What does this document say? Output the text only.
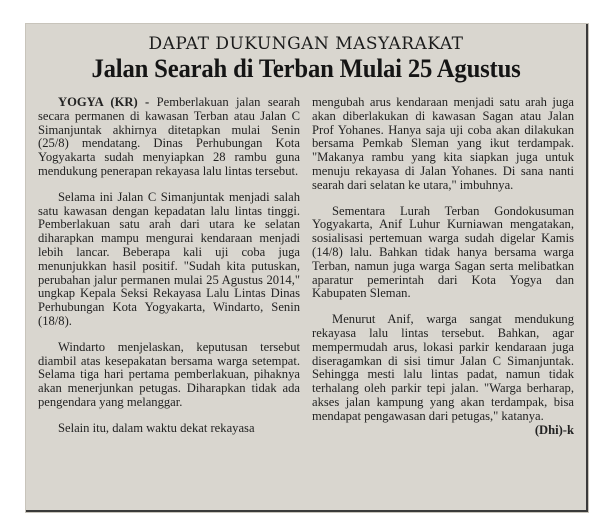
DAPAT DUKUNGAN MASYARAKAT
Jalan Searah di Terban Mulai 25 Agustus

YOGYA (KR) - Pemberlakuan jalan searah secara permanen di kawasan Terban atau Jalan C Simanjuntak akhirnya ditetapkan mulai Senin (25/8) mendatang. Dinas Perhubungan Kota Yogyakarta sudah menyiapkan 28 rambu guna mendukung penerapan rekayasa lalu lintas tersebut.

Selama ini Jalan C Simanjuntak menjadi salah satu kawasan dengan kepadatan lalu lintas tinggi. Pemberlakuan satu arah dari utara ke selatan diharapkan mampu mengurai kendaraan menjadi lebih lancar. Beberapa kali uji coba juga menunjukkan hasil positif. "Sudah kita putuskan, perubahan jalur permanen mulai 25 Agustus 2014," ungkap Kepala Seksi Rekayasa Lalu Lintas Dinas Perhubungan Kota Yogyakarta, Windarto, Senin (18/8).

Windarto menjelaskan, keputusan tersebut diambil atas kesepakatan bersama warga setempat. Selama tiga hari pertama pemberlakuan, pihaknya akan menerjunkan petugas. Diharapkan tidak ada pengendara yang melanggar.

Selain itu, dalam waktu dekat rekayasa

mengubah arus kendaraan menjadi satu arah juga akan diberlakukan di kawasan Sagan atau Jalan Prof Yohanes. Hanya saja uji coba akan dilakukan bersama Pemkab Sleman yang ikut terdampak. "Makanya rambu yang kita siapkan juga untuk menuju rekayasa di Jalan Yohanes. Di sana nanti searah dari selatan ke utara," imbuhnya.

Sementara Lurah Terban Gondokusuman Yogyakarta, Anif Luhur Kurniawan mengatakan, sosialisasi pertemuan warga sudah digelar Kamis (14/8) lalu. Bahkan tidak hanya bersama warga Terban, namun juga warga Sagan serta melibatkan aparatur pemerintah dari Kota Yogya dan Kabupaten Sleman.

Menurut Anif, warga sangat mendukung rekayasa lalu lintas tersebut. Bahkan, agar mempermudah arus, lokasi parkir kendaraan juga diseragamkan di sisi timur Jalan C Simanjuntak. Sehingga mesti lalu lintas padat, namun tidak terhalang oleh parkir tepi jalan. "Warga berharap, akses jalan kampung yang akan terdampak, bisa mendapat pengawasan dari petugas," katanya.
(Dhi)-k
